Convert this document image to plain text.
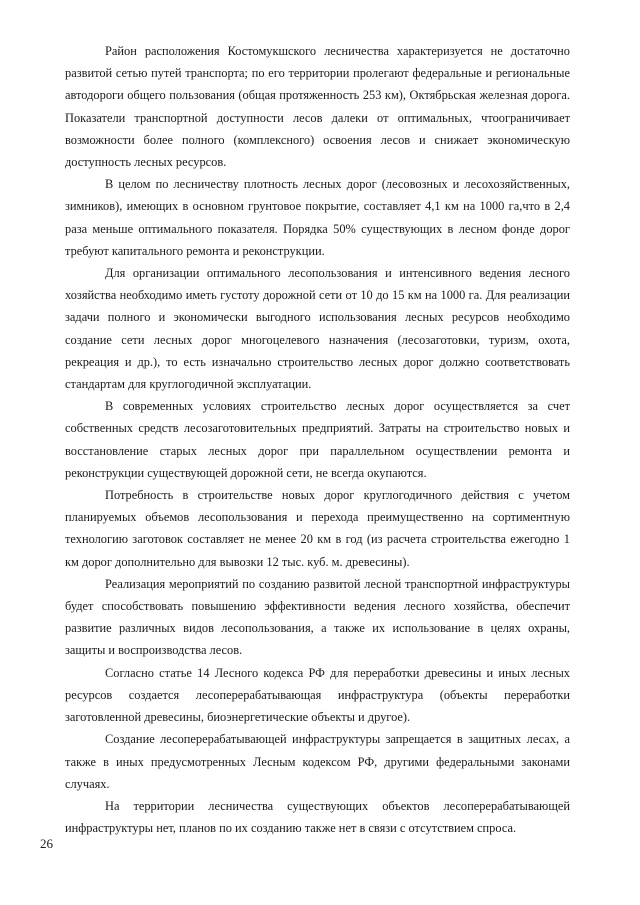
Район расположения Костомукшского лесничества характеризуется не достаточно развитой сетью путей транспорта; по его территории пролегают федеральные и региональные автодороги общего пользования (общая протяженность 253 км), Октябрьская железная дорога. Показатели транспортной доступности лесов далеки от оптимальных, чтоограничивает возможности более полного (комплексного) освоения лесов и снижает экономическую доступность лесных ресурсов.

В целом по лесничеству плотность лесных дорог (лесовозных и лесохозяйственных, зимников), имеющих в основном грунтовое покрытие, составляет 4,1 км на 1000 га,что в 2,4 раза меньше оптимального показателя. Порядка 50% существующих в лесном фонде дорог требуют капитального ремонта и реконструкции.

Для организации оптимального лесопользования и интенсивного ведения лесного хозяйства необходимо иметь густоту дорожной сети от 10 до 15 км на 1000 га. Для реализации задачи полного и экономически выгодного использования лесных ресурсов необходимо создание сети лесных дорог многоцелевого назначения (лесозаготовки, туризм, охота, рекреация и др.), то есть изначально строительство лесных дорог должно соответствовать стандартам для круглогодичной эксплуатации.

В современных условиях строительство лесных дорог осуществляется за счет собственных средств лесозаготовительных предприятий. Затраты на строительство новых и восстановление старых лесных дорог при параллельном осуществлении ремонта и реконструкции существующей дорожной сети, не всегда окупаются.

Потребность в строительстве новых дорог круглогодичного действия с учетом планируемых объемов лесопользования и перехода преимущественно на сортиментную технологию заготовок составляет не менее 20 км в год (из расчета строительства ежегодно 1 км дорог дополнительно для вывозки 12 тыс. куб. м. древесины).

Реализация мероприятий по созданию развитой лесной транспортной инфраструктуры будет способствовать повышению эффективности ведения лесного хозяйства, обеспечит развитие различных видов лесопользования, а также их использование в целях охраны, защиты и воспроизводства лесов.

Согласно статье 14 Лесного кодекса РФ для переработки древесины и иных лесных ресурсов создается лесоперерабатывающая инфраструктура (объекты переработки заготовленной древесины, биоэнергетические объекты и другое).

Создание лесоперерабатывающей инфраструктуры запрещается в защитных лесах, а также в иных предусмотренных Лесным кодексом РФ, другими федеральными законами случаях.

На территории лесничества существующих объектов лесоперерабатывающей инфраструктуры нет, планов по их созданию также нет в связи с отсутствием спроса.

26
